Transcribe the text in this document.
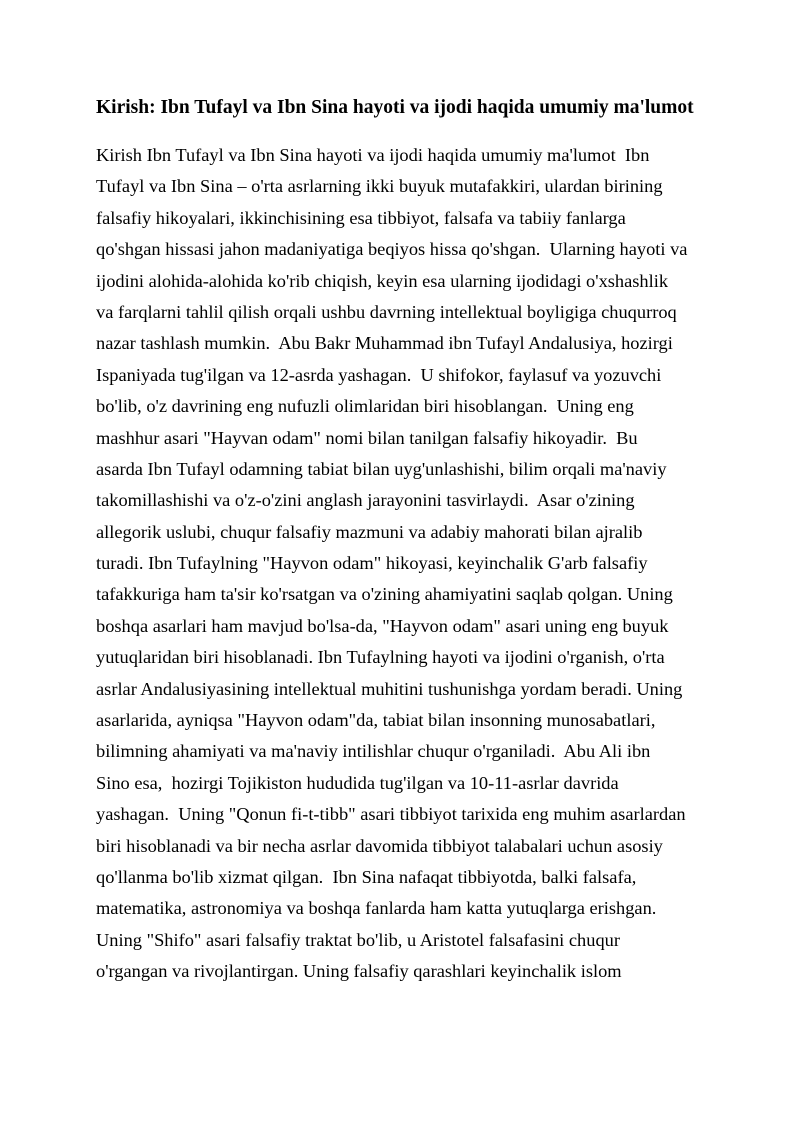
Kirish: Ibn Tufayl va Ibn Sina hayoti va ijodi haqida umumiy ma'lumot
Kirish Ibn Tufayl va Ibn Sina hayoti va ijodi haqida umumiy ma'lumot  Ibn
Tufayl va Ibn Sina – o'rta asrlarning ikki buyuk mutafakkiri, ulardan birining
falsafiy hikoyalari, ikkinchisining esa tibbiyot, falsafa va tabiiy fanlarga
qo'shgan hissasi jahon madaniyatiga beqiyos hissa qo'shgan.  Ularning hayoti va
ijodini alohida-alohida ko'rib chiqish, keyin esa ularning ijodidagi o'xshashlik
va farqlarni tahlil qilish orqali ushbu davrning intellektual boyligiga chuqurroq
nazar tashlash mumkin.  Abu Bakr Muhammad ibn Tufayl Andalusiya, hozirgi
Ispaniyada tug'ilgan va 12-asrda yashagan.  U shifokor, faylasuf va yozuvchi
bo'lib, o'z davrining eng nufuzli olimlaridan biri hisoblangan.  Uning eng
mashhur asari "Hayvan odam" nomi bilan tanilgan falsafiy hikoyadir.  Bu
asarda Ibn Tufayl odamning tabiat bilan uyg'unlashishi, bilim orqali ma'naviy
takomillashishi va o'z-o'zini anglash jarayonini tasvirlaydi.  Asar o'zining
allegorik uslubi, chuqur falsafiy mazmuni va adabiy mahorati bilan ajralib
turadi. Ibn Tufaylning "Hayvon odam" hikoyasi, keyinchalik G'arb falsafiy
tafakkuriga ham ta'sir ko'rsatgan va o'zining ahamiyatini saqlab qolgan. Uning
boshqa asarlari ham mavjud bo'lsa-da, "Hayvon odam" asari uning eng buyuk
yutuqlaridan biri hisoblanadi. Ibn Tufaylning hayoti va ijodini o'rganish, o'rta
asrlar Andalusiyasining intellektual muhitini tushunishga yordam beradi. Uning
asarlarida, ayniqsa "Hayvon odam"da, tabiat bilan insonning munosabatlari,
bilimning ahamiyati va ma'naviy intilishlar chuqur o'rganiladi.  Abu Ali ibn
Sino esa,  hozirgi Tojikiston hududida tug'ilgan va 10-11-asrlar davrida
yashagan.  Uning "Qonun fi-t-tibb" asari tibbiyot tarixida eng muhim asarlardan
biri hisoblanadi va bir necha asrlar davomida tibbiyot talabalari uchun asosiy
qo'llanma bo'lib xizmat qilgan.  Ibn Sina nafaqat tibbiyotda, balki falsafa,
matematika, astronomiya va boshqa fanlarda ham katta yutuqlarga erishgan.
Uning "Shifo" asari falsafiy traktat bo'lib, u Aristotel falsafasini chuqur
o'rgangan va rivojlantirgan. Uning falsafiy qarashlari keyinchalik islom
